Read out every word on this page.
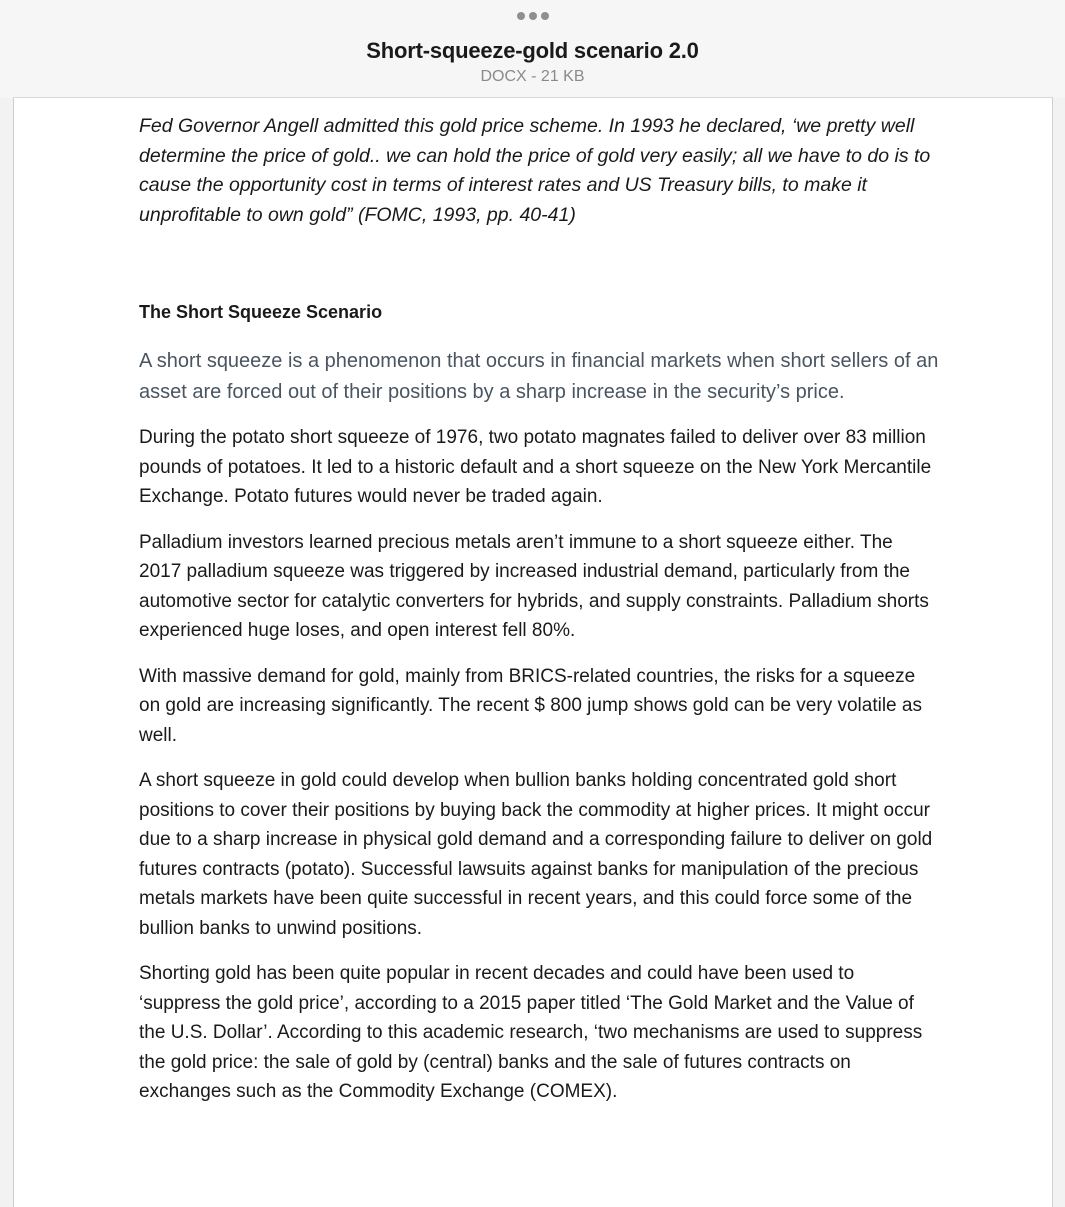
Short-squeeze-gold scenario 2.0
DOCX - 21 KB

Fed Governor Angell admitted this gold price scheme. In 1993 he declared, ‘we pretty well determine the price of gold.. we can hold the price of gold very easily; all we have to do is to cause the opportunity cost in terms of interest rates and US Treasury bills, to make it unprofitable to own gold” (FOMC, 1993, pp. 40-41)

The Short Squeeze Scenario

A short squeeze is a phenomenon that occurs in financial markets when short sellers of an asset are forced out of their positions by a sharp increase in the security’s price.

During the potato short squeeze of 1976, two potato magnates failed to deliver over 83 million pounds of potatoes. It led to a historic default and a short squeeze on the New York Mercantile Exchange. Potato futures would never be traded again.

Palladium investors learned precious metals aren’t immune to a short squeeze either. The 2017 palladium squeeze was triggered by increased industrial demand, particularly from the automotive sector for catalytic converters for hybrids, and supply constraints. Palladium shorts experienced huge loses, and open interest fell 80%.

With massive demand for gold, mainly from BRICS-related countries, the risks for a squeeze on gold are increasing significantly. The recent $ 800 jump shows gold can be very volatile as well.

A short squeeze in gold could develop when bullion banks holding concentrated gold short positions to cover their positions by buying back the commodity at higher prices. It might occur due to a sharp increase in physical gold demand and a corresponding failure to deliver on gold futures contracts (potato). Successful lawsuits against banks for manipulation of the precious metals markets have been quite successful in recent years, and this could force some of the bullion banks to unwind positions.

Shorting gold has been quite popular in recent decades and could have been used to ‘suppress the gold price’, according to a 2015 paper titled ‘The Gold Market and the Value of the U.S. Dollar’. According to this academic research, ‘two mechanisms are used to suppress the gold price: the sale of gold by (central) banks and the sale of futures contracts on exchanges such as the Commodity Exchange (COMEX).
